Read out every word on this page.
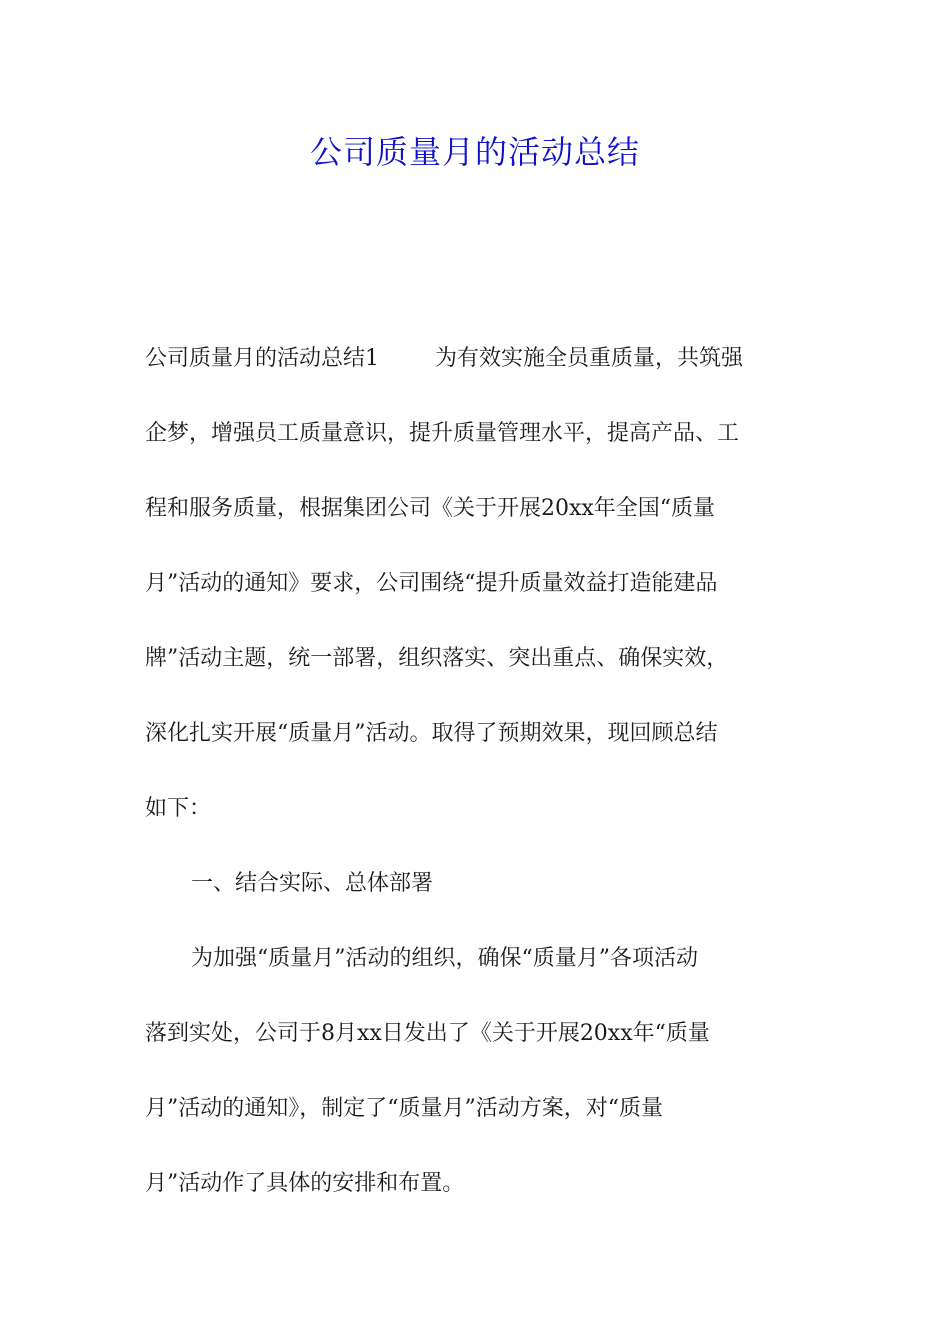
公司质量月的活动总结
公司质量月的活动总结1	为有效实施全员重质量，共筑强
企梦，增强员工质量意识，提升质量管理水平，提高产品、工
程和服务质量，根据集团公司《关于开展20xx年全国“质量
月”活动的通知》要求，公司围绕“提升质量效益打造能建品
牌”活动主题，统一部署，组织落实、突出重点、确保实效，
深化扎实开展“质量月”活动。取得了预期效果，现回顾总结
如下：
一、结合实际、总体部署
为加强“质量月”活动的组织，确保“质量月”各项活动
落到实处，公司于8月xx日发出了《关于开展20xx年“质量
月”活动的通知》，制定了“质量月”活动方案，对“质量
月”活动作了具体的安排和布置。
